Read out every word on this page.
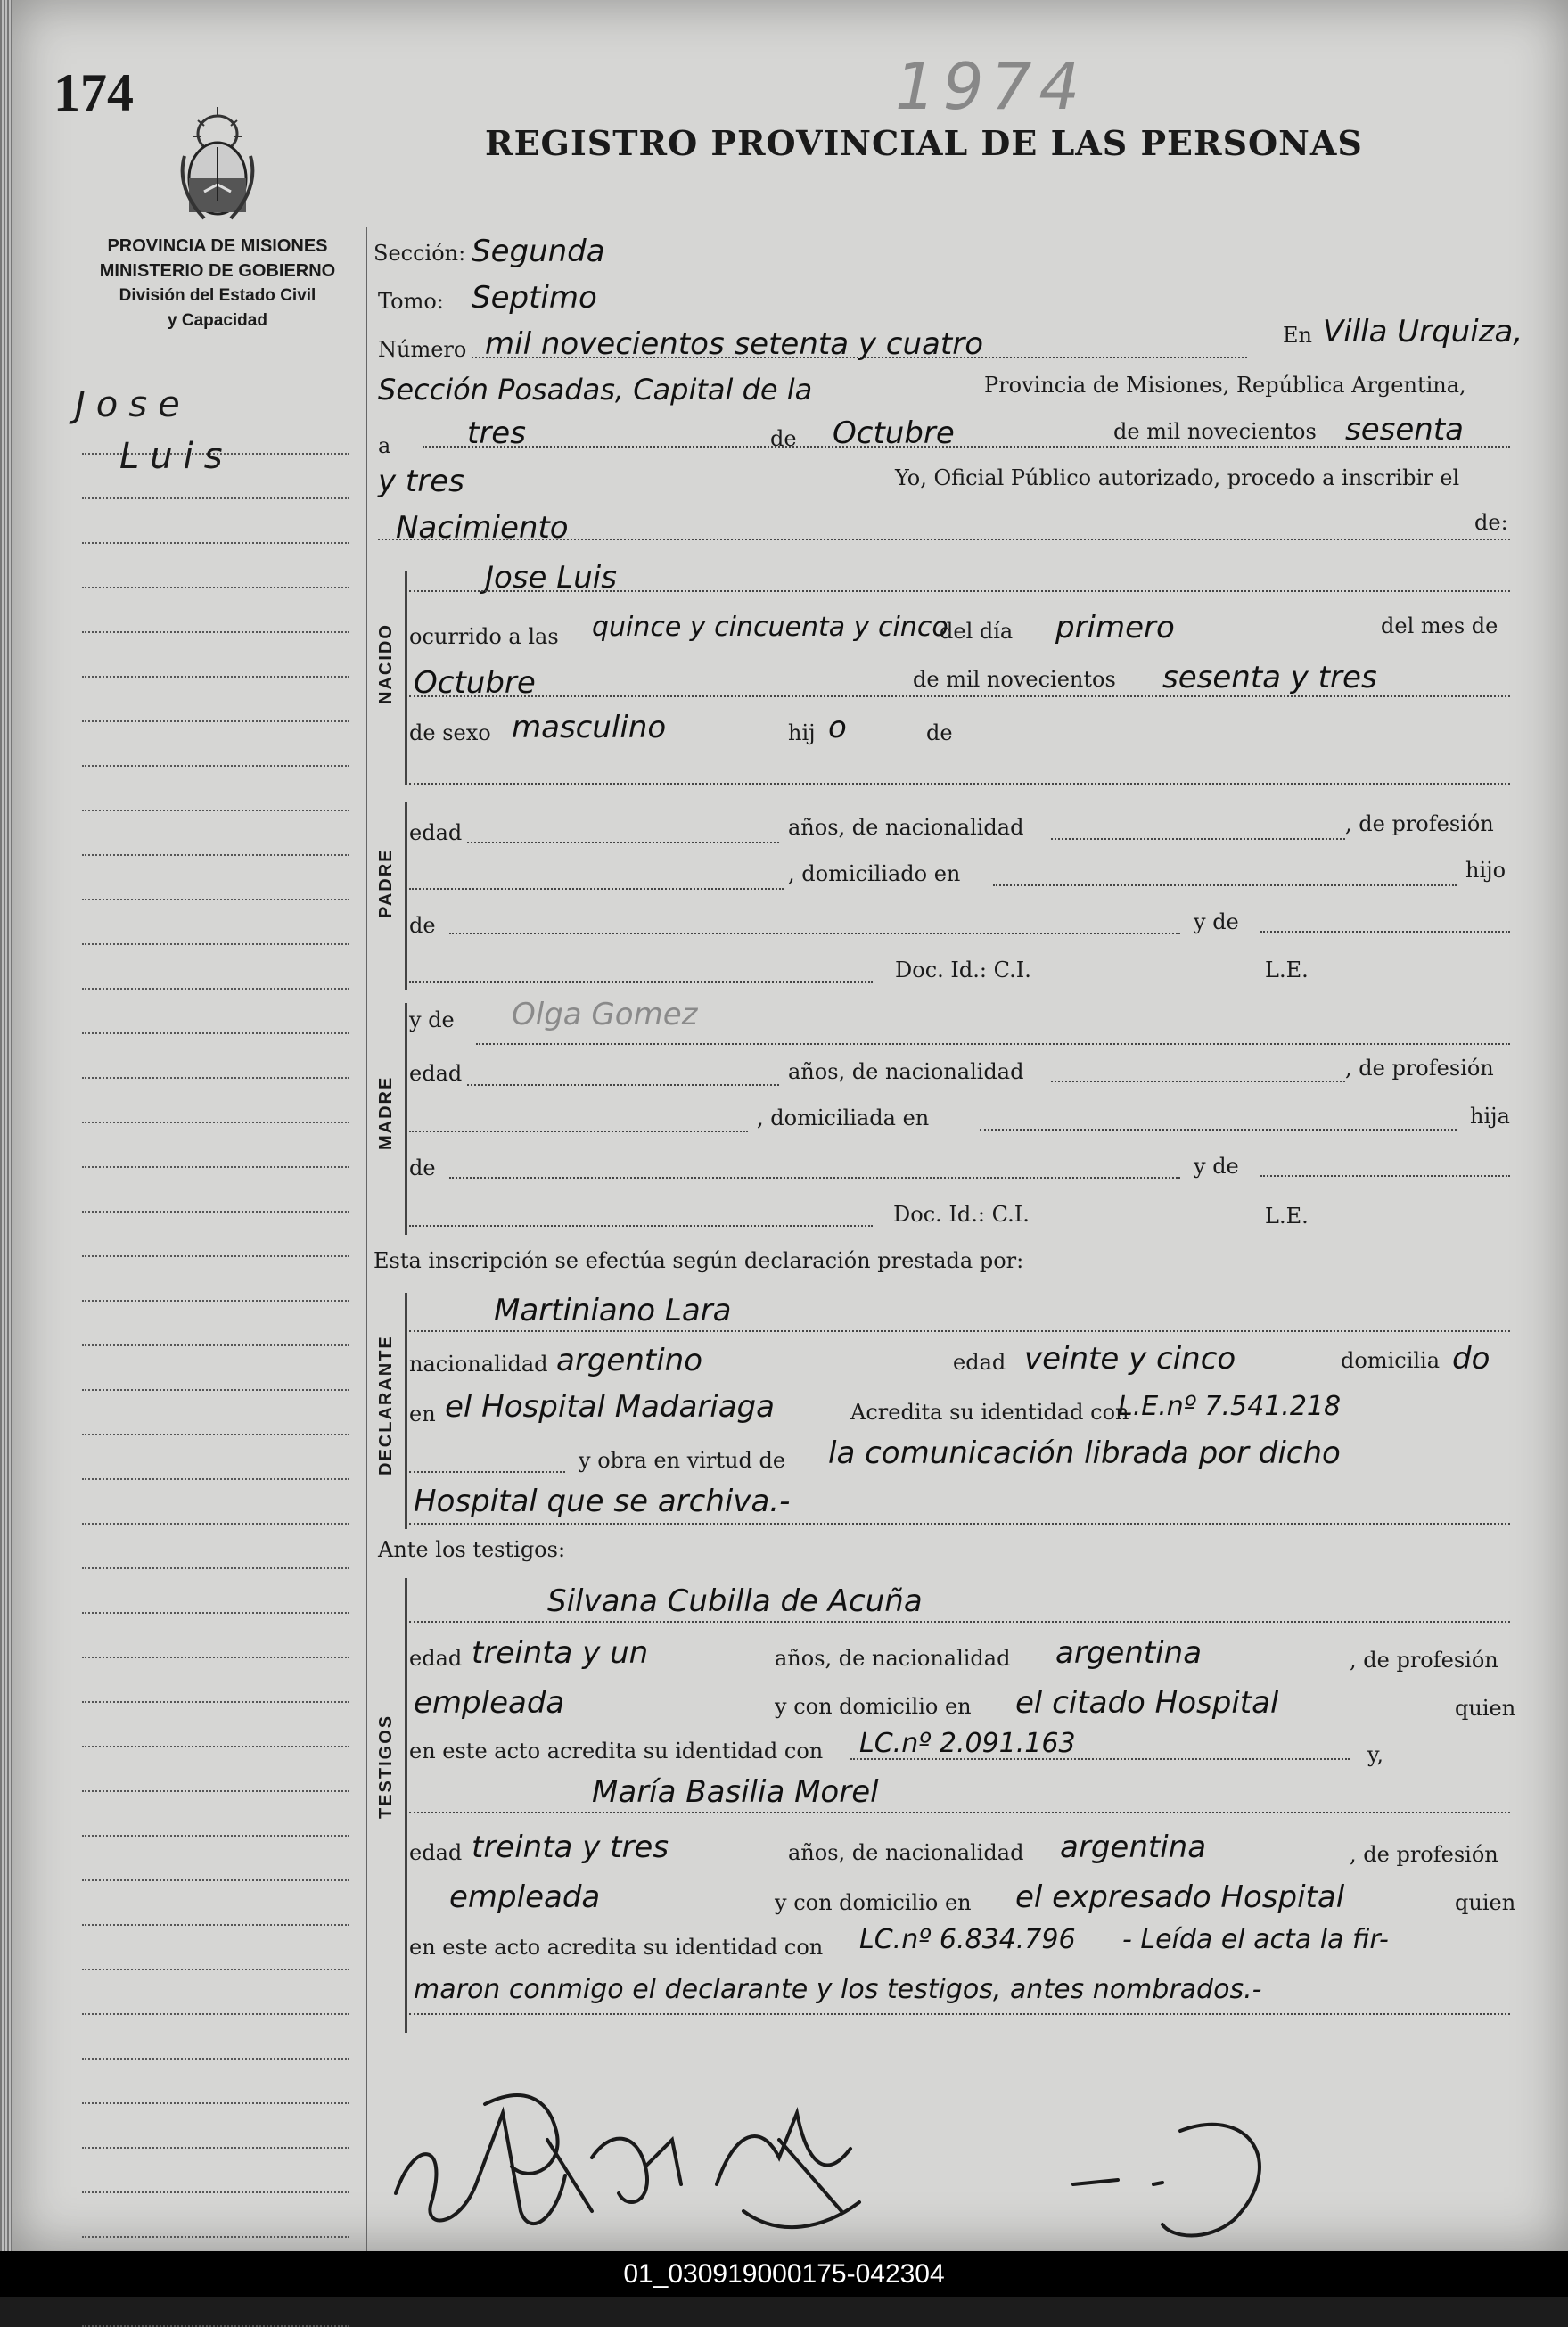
174	1974
REGISTRO PROVINCIAL DE LAS PERSONAS
PROVINCIA DE MISIONES
MINISTERIO DE GOBIERNO
División del Estado Civil
y Capacidad
Jose
Luis
Sección: Segunda
Tomo: Septimo
Número mil novecientos setenta y cuatro	En Villa Urquiza,
Sección Posadas, Capital de la	Provincia de Misiones, República Argentina,
a	tres	de Octubre	de mil novecientos sesenta
y tres	Yo, Oficial Público autorizado, procedo a inscribir el
Nacimiento	de:
NACIDO
Jose Luis
ocurrido a las quince y cincuenta y cinco
del día primero	del mes de
Octubre	de mil novecientos sesenta y tres
de sexo masculino	hij o	de
PADRE
edad	años, de nacionalidad	, de profesión
, domiciliado en	hijo
de	y de
Doc. Id.: C.I.	L.E.
MADRE
y de Olga Gomez
edad	años, de nacionalidad	, de profesión
, domiciliada en	hija
de	y de
Doc. Id.: C.I.	L.E.
Esta inscripción se efectúa según declaración prestada por:
DECLARANTE
Martiniano Lara
nacionalidad argentino	edad veinte y cinco	domicilia do
en el Hospital Madariaga	Acredita su identidad con
L.E.nº 7.541.218
y obra en virtud de la comunicación librada por dicho
Hospital que se archiva.-
Ante los testigos:
TESTIGOS
Silvana Cubilla de Acuña
edad treinta y un	años, de nacionalidad argentina	, de profesión
empleada	y con domicilio en el citado Hospital	quien
en este acto acredita su identidad con LC.nº 2.091.163	y,
María Basilia Morel
edad treinta y tres	años, de nacionalidad argentina	, de profesión
empleada	y con domicilio en el expresado Hospital	quien
en este acto acredita su identidad con LC.nº 6.834.796 - Leída el acta la fir-
maron conmigo el declarante y los testigos, antes nombrados.-
01_030919000175-042304
